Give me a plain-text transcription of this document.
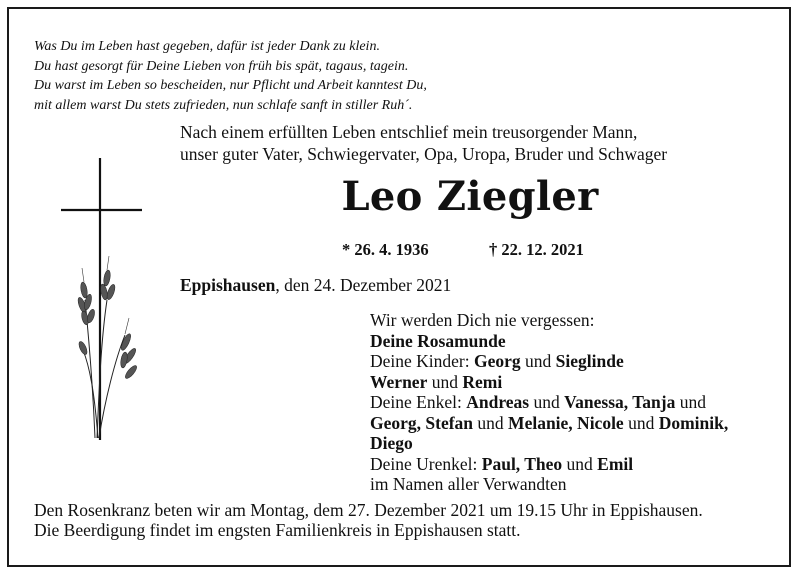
Was Du im Leben hast gegeben, dafür ist jeder Dank zu klein.
Du hast gesorgt für Deine Lieben von früh bis spät, tagaus, tagein.
Du warst im Leben so bescheiden, nur Pflicht und Arbeit kanntest Du,
mit allem warst Du stets zufrieden, nun schlafe sanft in stiller Ruh´.
Nach einem erfüllten Leben entschlief mein treusorgender Mann,
unser guter Vater, Schwiegervater, Opa, Uropa, Bruder und Schwager
Leo Ziegler
* 26. 4. 1936	† 22. 12. 2021
Eppishausen, den 24. Dezember 2021
Wir werden Dich nie vergessen:
Deine Rosamunde
Deine Kinder: Georg und Sieglinde
Werner und Remi
Deine Enkel: Andreas und Vanessa, Tanja und
Georg, Stefan und Melanie, Nicole und Dominik,
Diego
Deine Urenkel: Paul, Theo und Emil
im Namen aller Verwandten
Den Rosenkranz beten wir am Montag, dem 27. Dezember 2021 um 19.15 Uhr in Eppishausen.
Die Beerdigung findet im engsten Familienkreis in Eppishausen statt.
